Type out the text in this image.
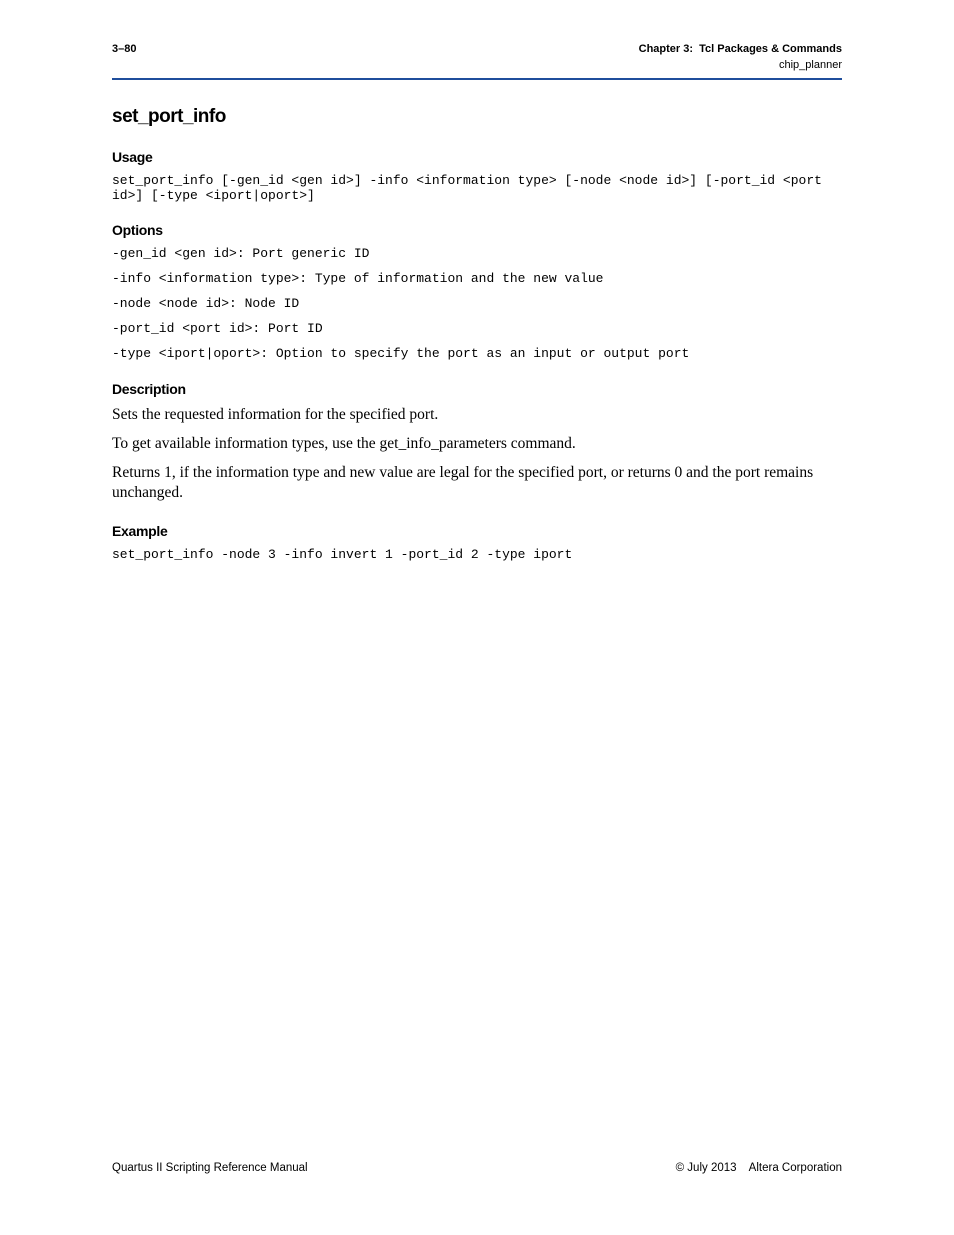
3–80	Chapter 3:  Tcl Packages & Commands
chip_planner
set_port_info
Usage
set_port_info [-gen_id <gen id>] -info <information type> [-node <node id>] [-port_id <port id>] [-type <iport|oport>]
Options
-gen_id <gen id>: Port generic ID
-info <information type>: Type of information and the new value
-node <node id>: Node ID
-port_id <port id>: Port ID
-type <iport|oport>: Option to specify the port as an input or output port
Description

Sets the requested information for the specified port.

To get available information types, use the get_info_parameters command.

Returns 1, if the information type and new value are legal for the specified port, or returns 0 and the port remains unchanged.

Example
set_port_info -node 3 -info invert 1 -port_id 2 -type iport
Quartus II Scripting Reference Manual	© July 2013    Altera Corporation
